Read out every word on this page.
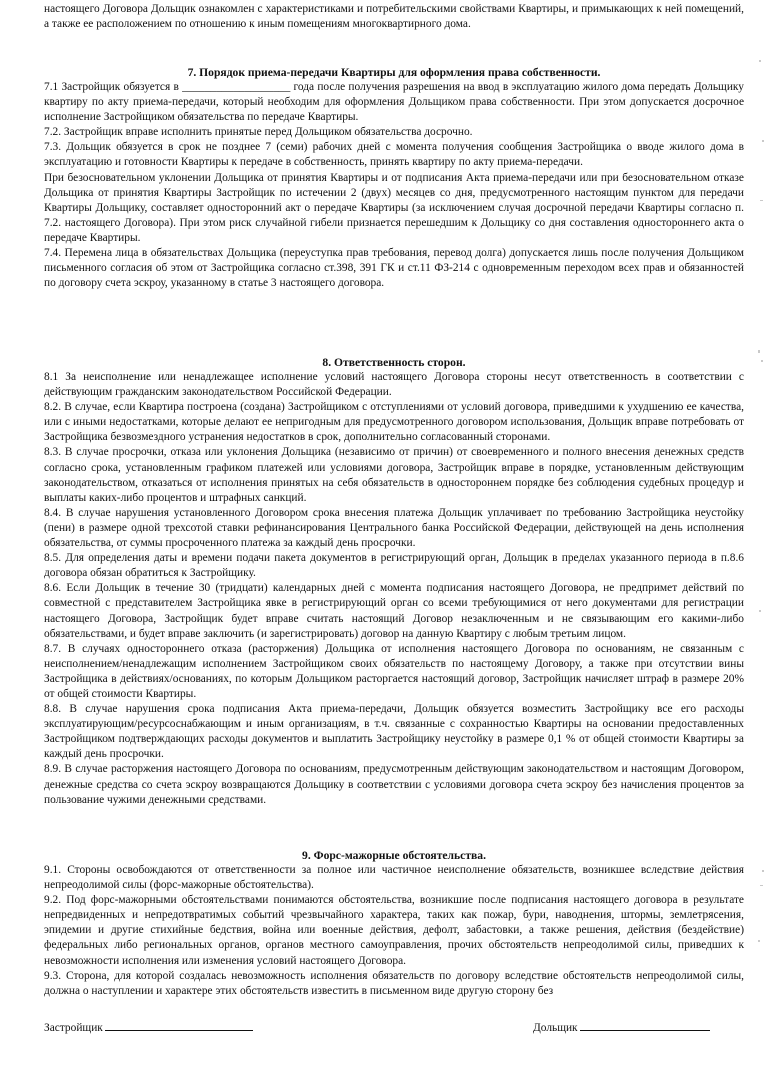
настоящего Договора Дольщик ознакомлен с характеристиками и потребительскими свойствами Квартиры, и примыкающих к ней помещений, а также ее расположением по отношению к иным помещениям многоквартирного дома.

7. Порядок приема-передачи Квартиры для оформления права собственности.

7.1 Застройщик обязуется в ___________________ года после получения разрешения на ввод в эксплуатацию жилого дома передать Дольщику квартиру по акту приема-передачи, который необходим для оформления Дольщиком права собственности. При этом допускается досрочное исполнение Застройщиком обязательства по передаче Квартиры.

7.2. Застройщик вправе исполнить принятые перед Дольщиком обязательства досрочно.

7.3. Дольщик обязуется в срок не позднее 7 (семи) рабочих дней с момента получения сообщения Застройщика о вводе жилого дома в эксплуатацию и готовности Квартиры к передаче в собственность, принять квартиру по акту приема-передачи.

При безосновательном уклонении Дольщика от принятия Квартиры и от подписания Акта приема-передачи или при безосновательном отказе Дольщика от принятия Квартиры Застройщик по истечении 2 (двух) месяцев со дня, предусмотренного настоящим пунктом для передачи Квартиры Дольщику, составляет односторонний акт о передаче Квартиры (за исключением случая досрочной передачи Квартиры согласно п. 7.2. настоящего Договора). При этом риск случайной гибели признается перешедшим к Дольщику со дня составления одностороннего акта о передаче Квартиры.

7.4. Перемена лица в обязательствах Дольщика (переуступка прав требования, перевод долга) допускается лишь после получения Дольщиком письменного согласия об этом от Застройщика согласно ст.398, 391 ГК и ст.11 ФЗ-214 с одновременным переходом всех прав и обязанностей по договору счета эскроу, указанному в статье 3 настоящего договора.

8. Ответственность сторон.

8.1 За неисполнение или ненадлежащее исполнение условий настоящего Договора стороны несут ответственность в соответствии с действующим гражданским законодательством Российской Федерации.

8.2. В случае, если Квартира построена (создана) Застройщиком с отступлениями от условий договора, приведшими к ухудшению ее качества, или с иными недостатками, которые делают ее непригодным для предусмотренного договором использования, Дольщик вправе потребовать от Застройщика безвозмездного устранения недостатков в срок, дополнительно согласованный сторонами.

8.3. В случае просрочки, отказа или уклонения Дольщика (независимо от причин) от своевременного и полного внесения денежных средств согласно срока, установленным графиком платежей или условиями договора, Застройщик вправе в порядке, установленным действующим законодательством, отказаться от исполнения принятых на себя обязательств в одностороннем порядке без соблюдения судебных процедур и выплаты каких-либо процентов и штрафных санкций.

8.4. В случае нарушения установленного Договором срока внесения платежа Дольщик уплачивает по требованию Застройщика неустойку (пени) в размере одной трехсотой ставки рефинансирования Центрального банка Российской Федерации, действующей на день исполнения обязательства, от суммы просроченного платежа за каждый день просрочки.

8.5. Для определения даты и времени подачи пакета документов в регистрирующий орган, Дольщик в пределах указанного периода в п.8.6 договора обязан обратиться к Застройщику.

8.6. Если Дольщик в течение 30 (тридцати) календарных дней с момента подписания настоящего Договора, не предпримет действий по совместной с представителем Застройщика явке в регистрирующий орган со всеми требующимися от него документами для регистрации настоящего Договора, Застройщик будет вправе считать настоящий Договор незаключенным и не связывающим его какими-либо обязательствами, и будет вправе заключить (и зарегистрировать) договор на данную Квартиру с любым третьим лицом.

8.7. В случаях одностороннего отказа (расторжения) Дольщика от исполнения настоящего Договора по основаниям, не связанным с неисполнением/ненадлежащим исполнением Застройщиком своих обязательств по настоящему Договору, а также при отсутствии вины Застройщика в действиях/основаниях, по которым Дольщиком расторгается настоящий договор, Застройщик начисляет штраф в размере 20% от общей стоимости Квартиры.

8.8. В случае нарушения срока подписания Акта приема-передачи, Дольщик обязуется возместить Застройщику все его расходы эксплуатирующим/ресурсоснабжающим и иным организациям, в т.ч. связанные с сохранностью Квартиры на основании предоставленных Застройщиком подтверждающих расходы документов и выплатить Застройщику неустойку в размере 0,1 % от общей стоимости Квартиры за каждый день просрочки.

8.9. В случае расторжения настоящего Договора по основаниям, предусмотренным действующим законодательством и настоящим Договором, денежные средства со счета эскроу возвращаются Дольщику в соответствии с условиями договора счета эскроу без начисления процентов за пользование чужими денежными средствами.

9. Форс-мажорные обстоятельства.

9.1. Стороны освобождаются от ответственности за полное или частичное неисполнение обязательств, возникшее вследствие действия непреодолимой силы (форс-мажорные обстоятельства).

9.2. Под форс-мажорными обстоятельствами понимаются обстоятельства, возникшие после подписания настоящего договора в результате непредвиденных и непредотвратимых событий чрезвычайного характера, таких как пожар, бури, наводнения, штормы, землетрясения, эпидемии и другие стихийные бедствия, война или военные действия, дефолт, забастовки, а также решения, действия (бездействие) федеральных либо региональных органов, органов местного самоуправления, прочих обстоятельств непреодолимой силы, приведших к невозможности исполнения или изменения условий настоящего Договора.

9.3. Сторона, для которой создалась невозможность исполнения обязательств по договору вследствие обстоятельств непреодолимой силы, должна о наступлении и характере этих обстоятельств известить в письменном виде другую сторону без

Застройщик	Дольщик
